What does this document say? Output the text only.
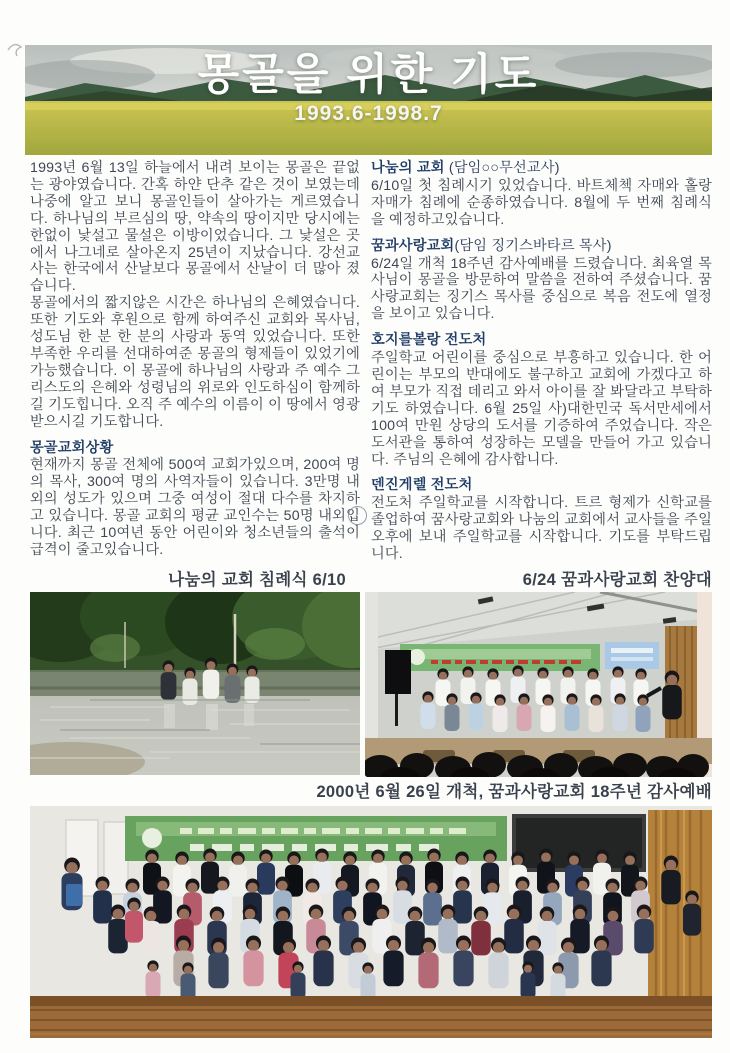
몽골을 위한 기도
1993.6-1998.7

1993년 6월 13일 하늘에서 내려 보이는 몽골은 끝없는 광야였습니다. 간혹 하얀 단추 같은 것이 보였는데 나중에 알고 보니 몽골인들이 살아가는 게르였습니다. 하나님의 부르심의 땅, 약속의 땅이지만 당시에는 한없이 낯설고 물설은 이방이었습니다. 그 낯설은 곳에서 나그네로 살아온지 25년이 지났습니다. 강선교사는 한국에서 산날보다 몽골에서 산날이 더 많아 졌습니다.

몽골에서의 짧지않은 시간은 하나님의 은혜였습니다. 또한 기도와 후원으로 함께 하여주신 교회와 목사님, 성도님 한 분 한 분의 사랑과 동역 있었습니다. 또한 부족한 우리를 선대하여준 몽골의 형제들이 있었기에 가능했습니다. 이 몽골에 하나님의 사랑과 주 예수 그리스도의 은혜와 성령님의 위로와 인도하심이 함께하길 기도힙니다. 오직 주 예수의 이름이 이 땅에서 영광받으시길 기도합니다.

몽골교회상황

현재까지 몽골 전체에 500여 교회가있으며, 200여 명의 목사, 300여 명의 사역자들이 있습니다. 3만명 내외의 성도가 있으며 그중 여성이 절대 다수를 차지하고 있습니다. 몽골 교회의 평균 교인수는 50명 내외입니다. 최근 10여년 동안 어린이와 청소년들의 출석이 급격이 줄고있습니다.

나눔의 교회 (담임○○무선교사)

6/10일 첫 침례시기 있었습니다. 바트체첵 자매와 홀랑 자매가 침례에 순종하였습니다. 8월에 두 번째 침례식을 예정하고있습니다.

꿈과사랑교회(담임 징기스바타르 목사)

6/24일 개척 18주년 감사예배를 드렸습니다. 최육열 목사님이 몽골을 방문하여 말씀을 전하여 주셨습니다. 꿈사랑교회는 징기스 목사를 중심으로 복음 전도에 열정을 보이고 있습니다.

호지를볼랑 전도처

주일학교 어린이를 중심으로 부흥하고 있습니다. 한 어린이는 부모의 반대에도 불구하고 교회에 가겠다고 하여 부모가 직접 데리고 와서 아이를 잘 봐달라고 부탁하기도 하였습니다. 6월 25일 사)대한민국 독서만세에서 100여 만원 상당의 도서를 기증하여 주었습니다. 작은 도서관을 통하여 성장하는 모델을 만들어 가고 있습니다. 주님의 은혜에 감사합니다.

덴진게렐 전도처

전도처 주일학교를 시작합니다. 트르 형제가 신학교를 졸업하여 꿈사랑교회와 나눔의 교회에서 교사들을 주일 오후에 보내 주일학교를 시작합니다. 기도를 부탁드립니다.

나눔의 교회 침례식 6/10	6/24 꿈과사랑교회 찬양대
2000년 6월 26일 개척, 꿈과사랑교회 18주년 감사예배
